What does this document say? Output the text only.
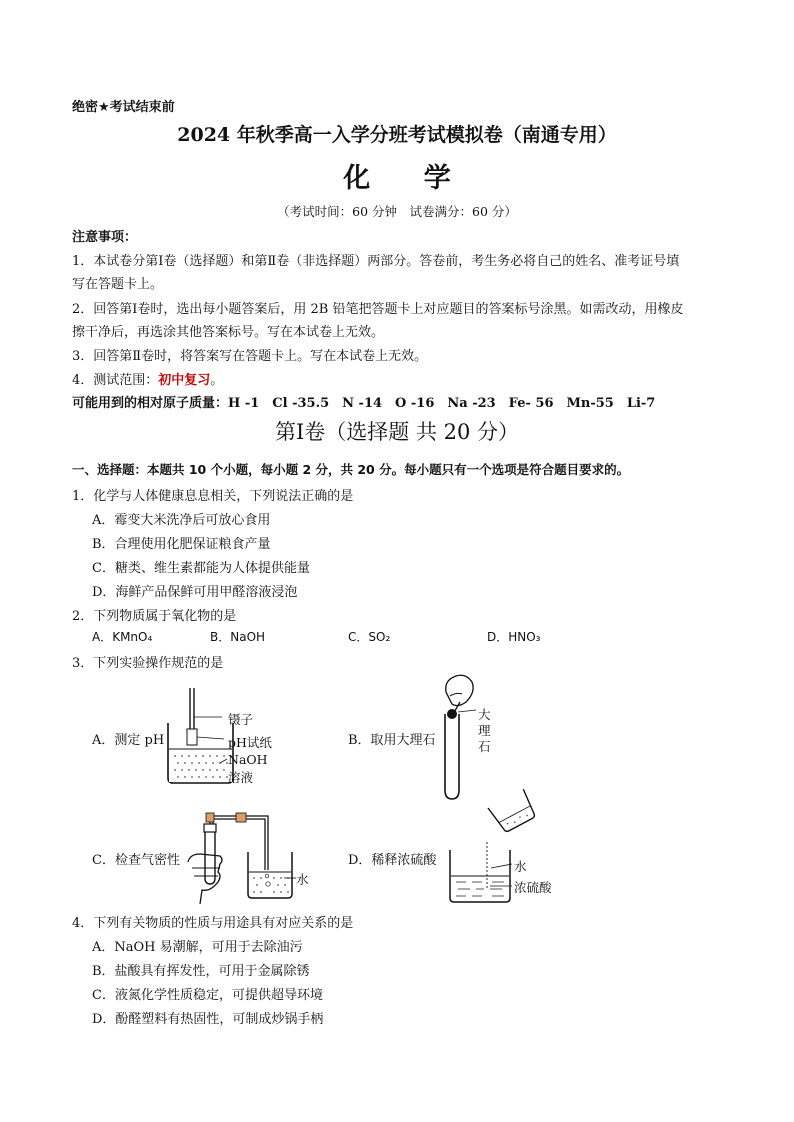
绝密★考试结束前
2024 年秋季高一入学分班考试模拟卷（南通专用）
化 学
（考试时间：60 分钟　试卷满分：60 分）
注意事项：
1．本试卷分第Ⅰ卷（选择题）和第Ⅱ卷（非选择题）两部分。答卷前，考生务必将自己的姓名、准考证号填
写在答题卡上。
2．回答第Ⅰ卷时，选出每小题答案后，用 2B 铅笔把答题卡上对应题目的答案标号涂黑。如需改动，用橡皮
擦干净后，再选涂其他答案标号。写在本试卷上无效。
3．回答第Ⅱ卷时，将答案写在答题卡上。写在本试卷上无效。
4．测试范围：初中复习。
可能用到的相对原子质量：H -1　Cl -35.5　N -14　O -16　Na -23　Fe- 56　Mn-55　Li-7
第Ⅰ卷（选择题 共 20 分）
一、选择题：本题共 10 个小题，每小题 2 分，共 20 分。每小题只有一个选项是符合题目要求的。
1．化学与人体健康息息相关，下列说法正确的是
A．霉变大米洗净后可放心食用
B．合理使用化肥保证粮食产量
C．糖类、维生素都能为人体提供能量
D．海鲜产品保鲜可用甲醛溶液浸泡
2．下列物质属于氧化物的是
A．KMnO₄	B．NaOH	C．SO₂	D．HNO₃
3．下列实验操作规范的是
A．测定 pH
镊子
pH试纸
NaOH
溶液
B．取用大理石
大
理
石
C．检查气密性
水
D．稀释浓硫酸	水
浓硫酸
4．下列有关物质的性质与用途具有对应关系的是
A．NaOH 易潮解，可用于去除油污
B．盐酸具有挥发性，可用于金属除锈
C．液氮化学性质稳定，可提供超导环境
D．酚醛塑料有热固性，可制成炒锅手柄
